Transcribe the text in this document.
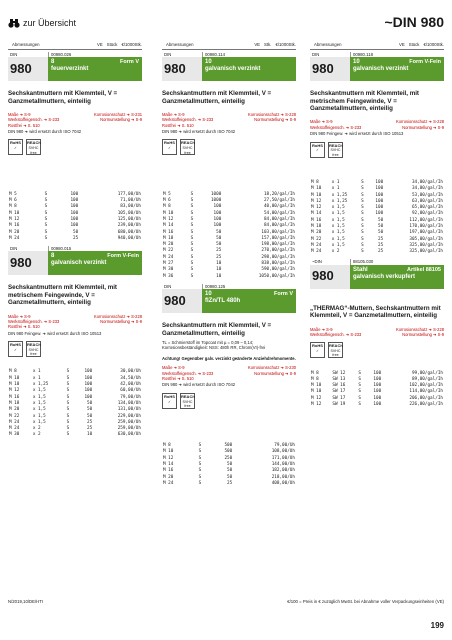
zur Übersicht	~DIN 980
Abmessungen	VE Stück €/1000Stk.
DIN	00980.026
980	8	Form V

feuerverzinkt
Sechskantmuttern mit Klemmteil, V = Ganzmetallmuttern, einteilig
Maße ➜ S-9	Korrosionsschutz ➜ S-231
Werkstoffeigensch. ➜ S-233	Normumstellung ➜ S-9
Rostfrei ➜ S. 510
DIN 980 ➜ wird ersetzt durch ISO 7042
RoHS
✓
REACh
SVHC
free
M 5		S	100	177,00/Uh
M 6		S	100	71,00/Uh
M 8		S	100	83,00/Uh
M 10		S	100	105,00/Uh
M 12		S	100	125,00/Uh
M 16		S	100	239,00/Uh
M 20		S	50	680,00/Uh
M 24		S	25	940,00/Uh
DIN	00980.015
980	8	Form V-Fein

galvanisch verzinkt
Sechskantmuttern mit Klemmteil, mit metrischem Feingewinde, V = Ganzmetallmuttern, einteilig
Maße ➜ S-9	Korrosionsschutz ➜ S-228
Werkstoffeigensch. ➜ S-233	Normumstellung ➜ S-9
Rostfrei ➜ S. 510
DIN 980 Feingew. ➜ wird ersetzt durch ISO 10513
RoHS
✓
REACh
SVHC
free
M 8	x 1	S	100	30,00/Uh
M 10	x 1	S	100	34,50/Uh
M 10	x 1,25	S	100	42,00/Uh
M 12	x 1,5	S	100	60,00/Uh
M 16	x 1,5	S	100	79,00/Uh
M 18	x 1,5	S	50	134,00/Uh
M 20	x 1,5	S	50	131,00/Uh
M 22	x 1,5	S	50	229,00/Uh
M 24	x 1,5	S	25	259,00/Uh
M 24	x 2	S	25	259,00/Uh
M 30	x 2	S	10	630,00/Uh
Abmessungen	VE Stk. €/1000Stk.
DIN	00980.114
980	10
galvanisch verzinkt
Sechskantmuttern mit Klemmteil, V = Ganzmetallmuttern, einteilig
Maße ➜ S-9	Korrosionsschutz ➜ S-228
Werkstoffeigensch. ➜ S-233	Normumstellung ➜ S-9
Rostfrei ➜ S. 510
DIN 980 ➜ wird ersetzt durch ISO 7042
RoHS
✓
REACh
SVHC
free
M 5		S	1000	18,20/gal/Ih
M 6		S	1000	27,50/gal/Ih
M 8		S	100	40,00/gal/Ih
M 10		S	100	54,00/gal/Ih
M 12		S	100	84,00/gal/Ih
M 14		S	100	84,00/gal/Ih
M 16		S	50	103,00/gal/Ih
M 18		S	50	157,00/gal/Ih
M 20		S	50	198,00/gal/Ih
M 22		S	25	270,00/gal/Ih
M 24		S	25	298,00/gal/Ih
M 27		S	10	838,00/gal/Ih
M 30		S	10	590,00/gal/Ih
M 36		S	10	1050,00/gal/Ih
DIN	00980.125
980	10	Form V

flZn/TL 480h
Sechskantmuttern mit Klemmteil, V = Ganzmetallmuttern, einteilig
TL = Schmierstoff im Topcoat mit µ = 0,09 – 0,14; Korrosionsbeständigkeit: NSS: 480h RR, Chrom(VI)-frei
Achtung! Gegenüber galv. verzinkt geänderte Anziehdrehmomente.
Maße ➜ S-9	Korrosionsschutz ➜ S-230
Werkstoffeigensch. ➜ S-233	Normumstellung ➜ S-9
Rostfrei ➜ S. 510
DIN 980 ➜ wird ersetzt durch ISO 7042
RoHS
✓
REACh
SVHC
free
M 8		S	500	79,00/Uh
M 10		S	500	108,00/Uh
M 12		S	250	171,00/Uh
M 14		S	50	144,00/Uh
M 16		S	50	182,00/Uh
M 20		S	50	218,00/Uh
M 24		S	25	408,00/Uh
Abmessungen	VE Stück €/1000Stk.
DIN	00980.118
980	10	Form V-Fein

galvanisch verzinkt
Sechskantmuttern mit Klemmteil, mit metrischem Feingewinde, V = Ganzmetallmuttern, einteilig
Maße ➜ S-9	Korrosionsschutz ➜ S-228
Werkstoffeigensch. ➜ S-233	Normumstellung ➜ S-9
DIN 980 Feingew. ➜ wird ersetzt durch ISO 10513
RoHS
✓
REACh
SVHC
free
M 8	x 1	S	100	34,00/gal/Ih
M 10	x 1	S	100	34,00/gal/Ih
M 10	x 1,25	S	100	53,00/gal/Ih
M 12	x 1,25	S	100	63,00/gal/Ih
M 12	x 1,5	S	100	65,00/gal/Ih
M 14	x 1,5	S	100	92,00/gal/Ih
M 16	x 1,5	S	50	112,00/gal/Ih
M 18	x 1,5	S	50	170,00/gal/Ih
M 20	x 1,5	S	50	197,00/gal/Ih
M 22	x 1,5	S	25	305,00/gal/Ih
M 24	x 1,5	S	25	325,00/gal/Ih
M 24	x 2	S	25	325,00/gal/Ih
~DIN	88105.030
980	Stahl	Artikel 88105

galvanisch verkupfert
„THERMAG“-Muttern, Sechskantmuttern mit Klemmteil, V = Ganzmetallmuttern, einteilig
Maße ➜ S-9	Korrosionsschutz ➜ S-228
Werkstoffeigensch. ➜ S-233	Normumstellung ➜ S-9
RoHS
✓
REACh
SVHC
free
M 8	SW 12	S	100	99,00/gal/Ih
M 8	SW 13	S	100	89,00/gal/Ih
M 10	SW 16	S	100	102,00/gal/Ih
M 10	SW 17	S	100	114,00/gal/Ih
M 12	SW 17	S	100	206,00/gal/Ih
M 12	SW 19	S	100	226,00/gal/Ih
N/2019,10/DE/HTI	€/100 = Preis in € zuzüglich MwSt. bei Abnahme voller Verpackungseinheiten (VE)
199
